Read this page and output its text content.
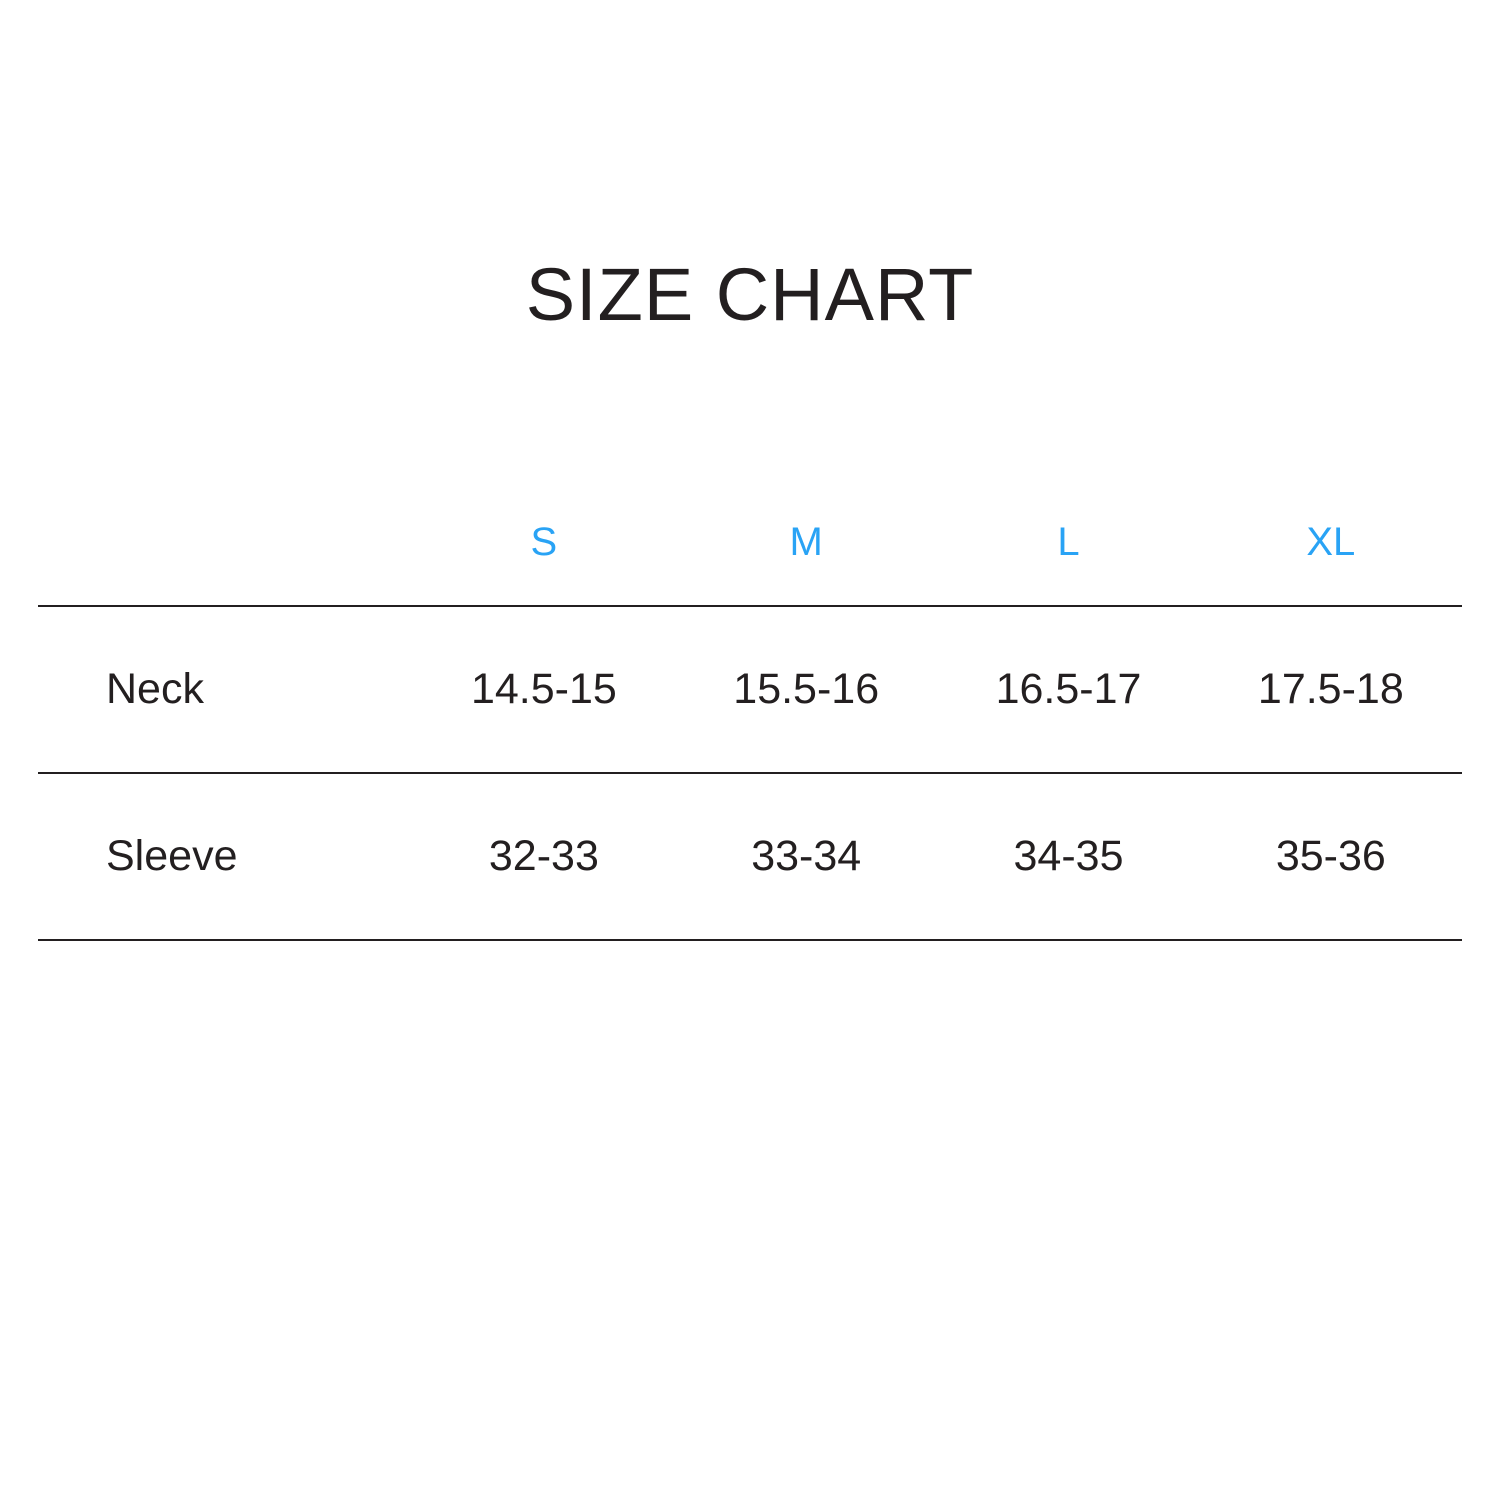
SIZE CHART
	S	M	L	XL
Neck	14.5-15	15.5-16	16.5-17	17.5-18
Sleeve	32-33	33-34	34-35	35-36
